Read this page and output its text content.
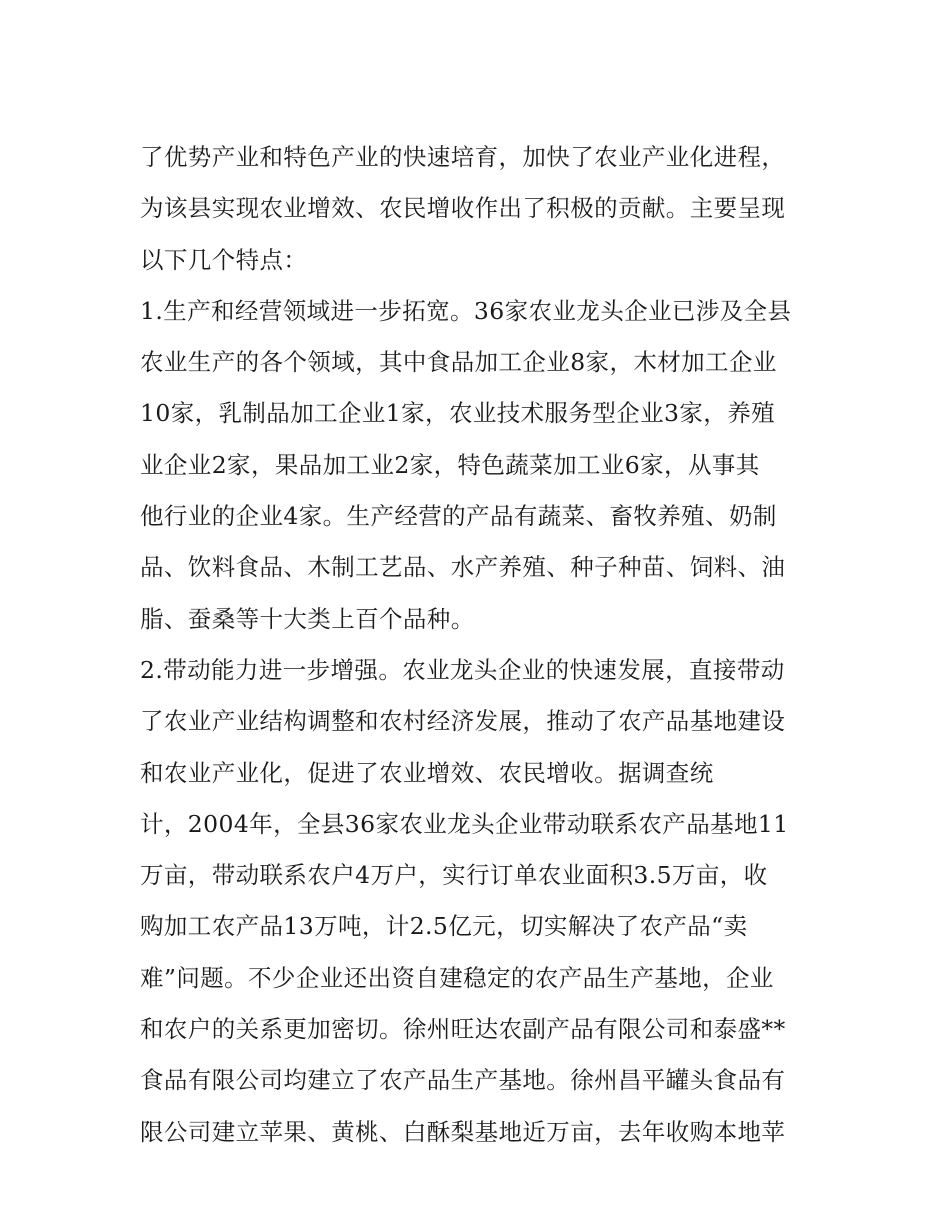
了优势产业和特色产业的快速培育，加快了农业产业化进程，
为该县实现农业增效、农民增收作出了积极的贡献。主要呈现
以下几个特点：
1.生产和经营领域进一步拓宽。36家农业龙头企业已涉及全县
农业生产的各个领域，其中食品加工企业8家，木材加工企业
10家，乳制品加工企业1家，农业技术服务型企业3家，养殖
业企业2家，果品加工业2家，特色蔬菜加工业6家，从事其
他行业的企业4家。生产经营的产品有蔬菜、畜牧养殖、奶制
品、饮料食品、木制工艺品、水产养殖、种子种苗、饲料、油
脂、蚕桑等十大类上百个品种。
2.带动能力进一步增强。农业龙头企业的快速发展，直接带动
了农业产业结构调整和农村经济发展，推动了农产品基地建设
和农业产业化，促进了农业增效、农民增收。据调查统
计，2004年，全县36家农业龙头企业带动联系农产品基地11
万亩，带动联系农户4万户，实行订单农业面积3.5万亩，收
购加工农产品13万吨，计2.5亿元，切实解决了农产品“卖
难”问题。不少企业还出资自建稳定的农产品生产基地，企业
和农户的关系更加密切。徐州旺达农副产品有限公司和泰盛**
食品有限公司均建立了农产品生产基地。徐州昌平罐头食品有
限公司建立苹果、黄桃、白酥梨基地近万亩，去年收购本地苹
